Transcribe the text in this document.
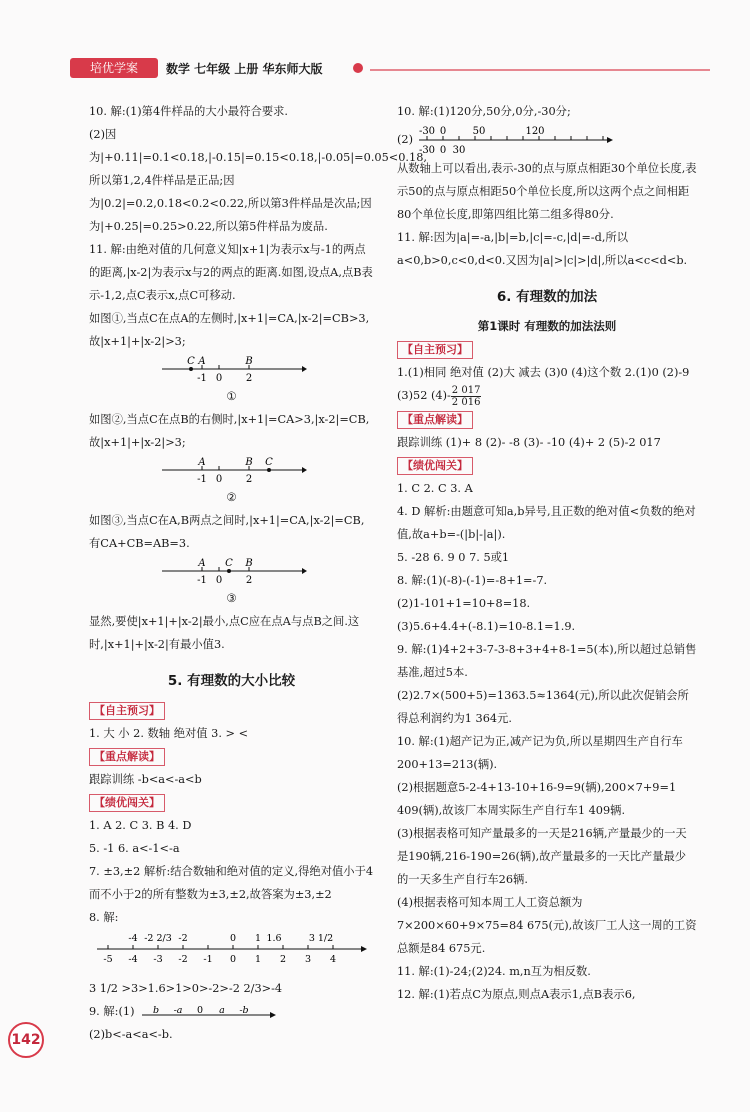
培优学案	数学 七年级 上册 华东师大版

10. 解:(1)第4件样品的大小最符合要求.

(2)因为|+0.11|=0.1<0.18,|-0.15|=0.15<0.18,|-0.05|=0.05<0.18,所以第1,2,4件样品是正品;因为|0.2|=0.2,0.18<0.2<0.22,所以第3件样品是次品;因为|+0.25|=0.25>0.22,所以第5件样品为废品.

11. 解:由绝对值的几何意义知|x+1|为表示x与-1的两点的距离,|x-2|为表示x与2的两点的距离.如图,设点A,点B表示-1,2,点C表示x,点C可移动.

如图①,当点C在点A的左侧时,|x+1|=CA,|x-2|=CB>3,故|x+1|+|x-2|>3;

C A	B
-1 0 2

①

如图②,当点C在点B的右侧时,|x+1|=CA>3,|x-2|=CB,故|x+1|+|x-2|>3;

A	B C
-1 0 2

②

如图③,当点C在A,B两点之间时,|x+1|=CA,|x-2|=CB,有CA+CB=AB=3.

A C B
-1 0 2

③

显然,要使|x+1|+|x-2|最小,点C应在点A与点B之间.这时,|x+1|+|x-2|有最小值3.

5. 有理数的大小比较

【自主预习】

1. 大 小 2. 数轴 绝对值 3. > <

【重点解读】

跟踪训练 -b<a<-a<b

【绩优闯关】

1. A 2. C 3. B 4. D

5. -1 6. a<-1<-a

7. ±3,±2 解析:结合数轴和绝对值的定义,得绝对值小于4而不小于2的所有整数为±3,±2,故答案为±3,±2

8. 解:

-5 -4 -3 -2 -1 0 1 2 3 4
-4 -2 2/3 -2	0 1 1.6	3 1/2

3 1/2 >3>1.6>1>0>-2>-2 2/3>-4

9. 解:(1) b -a 0 a -b

(2)b<-a<a<-b.

10. 解:(1)120分,50分,0分,-30分;

(2)
-30 0	50	120
-30 0 30

从数轴上可以看出,表示-30的点与原点相距30个单位长度,表示50的点与原点相距50个单位长度,所以这两个点之间相距80个单位长度,即第四组比第二组多得80分.

11. 解:因为|a|=-a,|b|=b,|c|=-c,|d|=-d,所以a<0,b>0,c<0,d<0.又因为|a|>|c|>|d|,所以a<c<d<b.

6. 有理数的加法

第1课时 有理数的加法法则

【自主预习】

1.(1)相同 绝对值 (2)大 减去 (3)0 (4)这个数 2.(1)0 (2)-9 (3)52 $(4)- \frac{2 017}{2 016}$

【重点解读】

跟踪训练 (1)+ 8 (2)- -8 (3)- -10 (4)+ 2 (5)-2 017

【绩优闯关】

1. C 2. C 3. A

4. D 解析:由题意可知a,b异号,且正数的绝对值<负数的绝对值,故a+b=-(|b|-|a|).

5. -28 6. 9 0 7. 5或1

8. 解:(1)(-8)-(-1)=-8+1=-7.

(2)1-101+1=10+8=18.

(3)5.6+4.4+(-8.1)=10-8.1=1.9.

9. 解:(1)4+2+3-7-3-8+3+4+8-1=5(本),所以超过总销售基准,超过5本.

(2)2.7×(500+5)=1363.5≈1364(元),所以此次促销会所得总利润约为1 364元.

10. 解:(1)超产记为正,减产记为负,所以星期四生产自行车200+13=213(辆).

(2)根据题意5-2-4+13-10+16-9=9(辆),200×7+9=1 409(辆),故该厂本周实际生产自行车1 409辆.

(3)根据表格可知产量最多的一天是216辆,产量最少的一天是190辆,216-190=26(辆),故产量最多的一天比产量最少的一天多生产自行车26辆.

(4)根据表格可知本周工人工资总额为7×200×60+9×75=84 675(元),故该厂工人这一周的工资总额是84 675元.

11. 解:(1)-24;(2)24. m,n互为相反数.

12. 解:(1)若点C为原点,则点A表示1,点B表示6,

142
